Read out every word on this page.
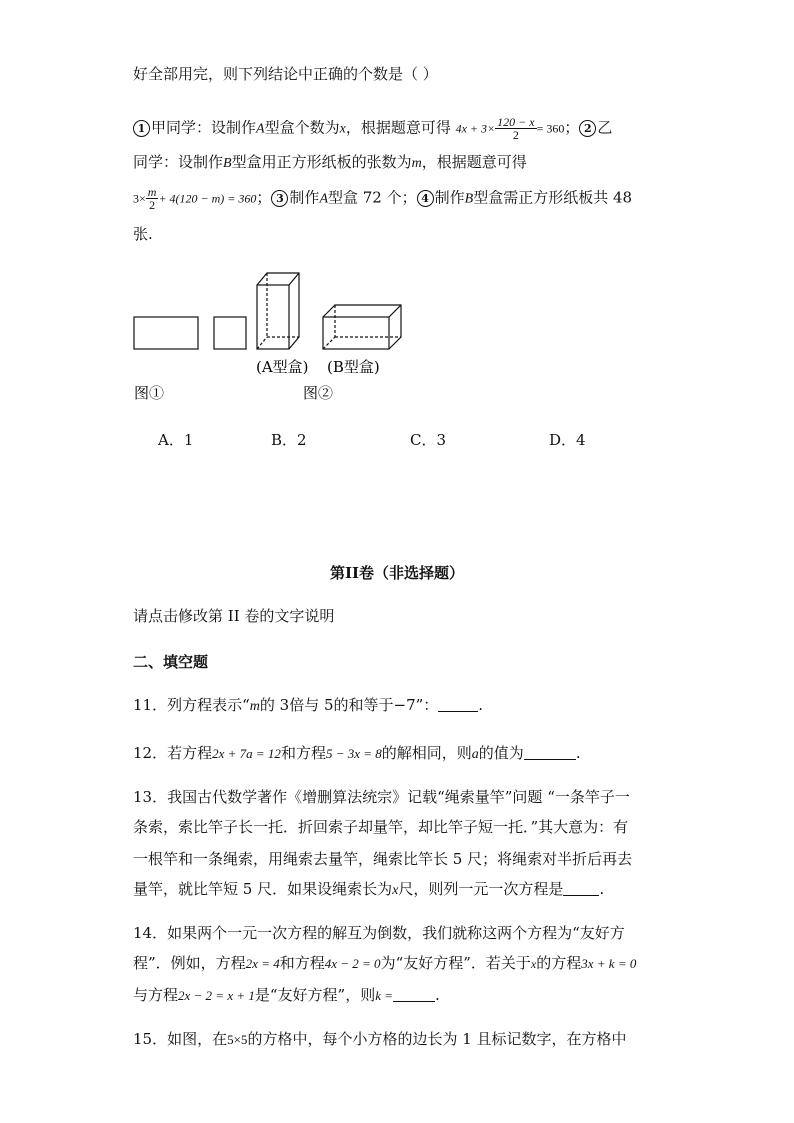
好全部用完，则下列结论中正确的个数是（ ）
1 甲同学：设制作A型盒个数为x，根据题意可得 $4x + 3\times \frac{120 - x}{2} = 360$； 2 乙
同学：设制作B型盒用正方形纸板的张数为m，根据题意可得
$3\times \frac{m}{2} + 4(120 - m) = 360$； 3 制作A型盒 72 个； 4 制作B型盒需正方形纸板共 48
张.
(A型盒) (B型盒)
图①	图②
A．1	B．2	C．3	D．4
第II卷（非选择题）
请点击修改第 II 卷的文字说明
二、填空题
11．列方程表示“m的 3倍与 5的和等于−7”：	.
12．若方程2x + 7a = 12和方程5 − 3x = 8的解相同，则a的值为	.
13．我国古代数学著作《增删算法统宗》记载“绳索量竿”问题 “一条竿子一
条索，索比竿子长一托．折回索子却量竿，却比竿子短一托．”其大意为：有
一根竿和一条绳索，用绳索去量竿，绳索比竿长 5 尺；将绳索对半折后再去
量竿，就比竿短 5 尺．如果设绳索长为x尺，则列一元一次方程是 .
14．如果两个一元一次方程的解互为倒数，我们就称这两个方程为“友好方
程”．例如，方程2x = 4和方程4x − 2 = 0为“友好方程”．若关于x的方程3x + k = 0
与方程2x − 2 = x + 1是“友好方程”，则k =	.
15．如图，在5×5的方格中，每个小方格的边长为 1 且标记数字，在方格中
